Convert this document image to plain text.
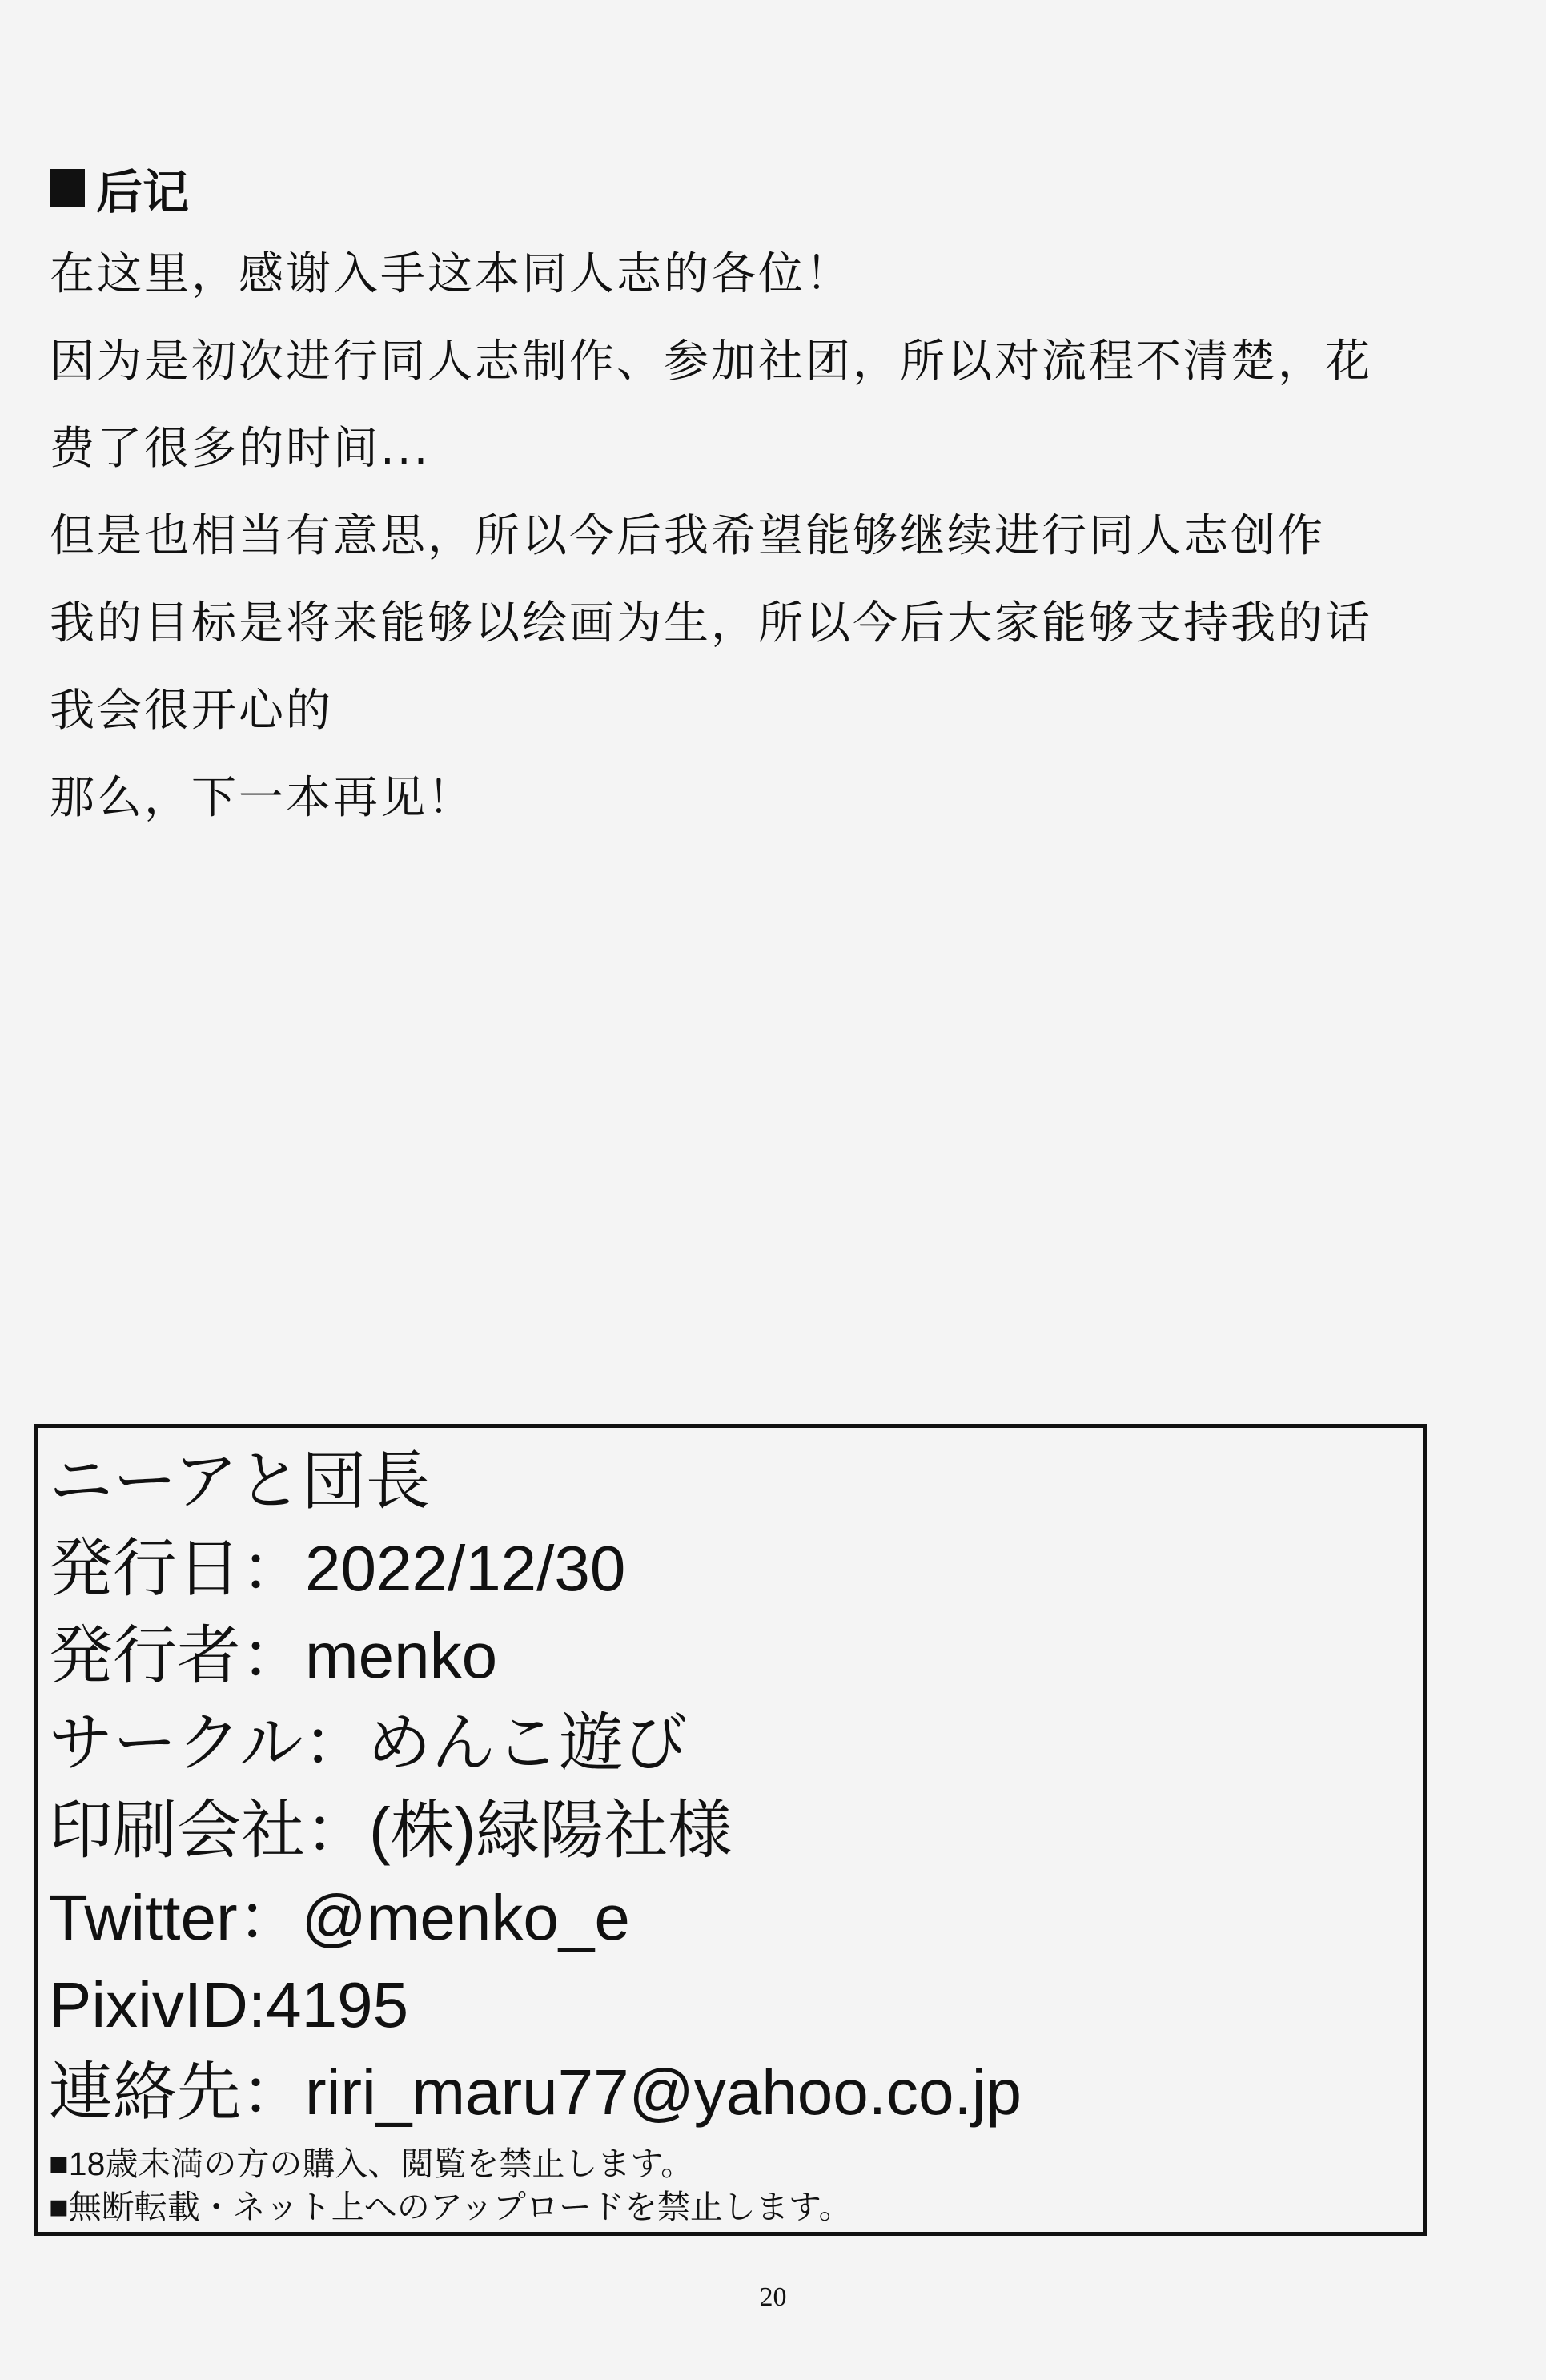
后记
在这里，感谢入手这本同人志的各位！
因为是初次进行同人志制作、参加社团，所以对流程不清楚，花
费了很多的时间...
但是也相当有意思，所以今后我希望能够继续进行同人志创作
我的目标是将来能够以绘画为生，所以今后大家能够支持我的话
我会很开心的
那么，下一本再见！
ニーアと団長
発行日：2022/12/30
発行者：menko
サークル：めんこ遊び
印刷会社：(株)緑陽社様
Twitter：@menko_e
PixivID:4195
連絡先：riri_maru77@yahoo.co.jp
■18歳未満の方の購入、閲覧を禁止します。
■無断転載・ネット上へのアップロードを禁止します。
20
